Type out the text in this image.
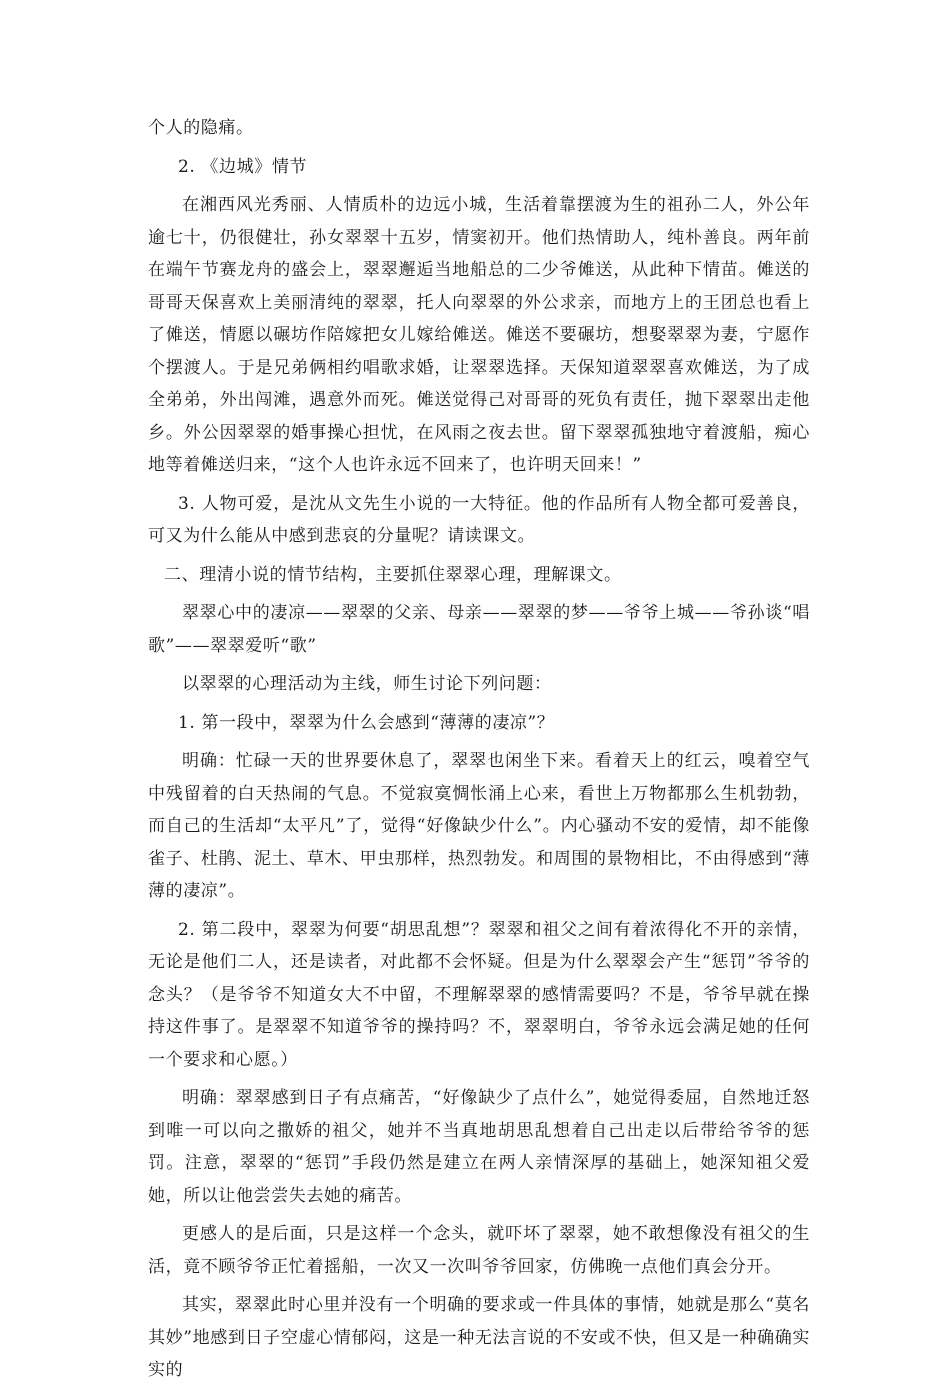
个人的隐痛。

2. 《边城》情节

在湘西风光秀丽、人情质朴的边远小城，生活着靠摆渡为生的祖孙二人，外公年逾七十，仍很健壮，孙女翠翠十五岁，情窦初开。他们热情助人，纯朴善良。两年前在端午节赛龙舟的盛会上，翠翠邂逅当地船总的二少爷傩送，从此种下情苗。傩送的哥哥天保喜欢上美丽清纯的翠翠，托人向翠翠的外公求亲，而地方上的王团总也看上了傩送，情愿以碾坊作陪嫁把女儿嫁给傩送。傩送不要碾坊，想娶翠翠为妻，宁愿作个摆渡人。于是兄弟俩相约唱歌求婚，让翠翠选择。天保知道翠翠喜欢傩送，为了成全弟弟，外出闯滩，遇意外而死。傩送觉得己对哥哥的死负有责任，抛下翠翠出走他乡。外公因翠翠的婚事操心担忧，在风雨之夜去世。留下翠翠孤独地守着渡船，痴心地等着傩送归来，“这个人也许永远不回来了，也许明天回来！”

3. 人物可爱，是沈从文先生小说的一大特征。他的作品所有人物全都可爱善良，可又为什么能从中感到悲哀的分量呢？请读课文。

二、理清小说的情节结构，主要抓住翠翠心理，理解课文。

翠翠心中的凄凉——翠翠的父亲、母亲——翠翠的梦——爷爷上城——爷孙谈“唱歌”——翠翠爱听“歌”

以翠翠的心理活动为主线，师生讨论下列问题：

1. 第一段中，翠翠为什么会感到“薄薄的凄凉”？

明确：忙碌一天的世界要休息了，翠翠也闲坐下来。看着天上的红云，嗅着空气中残留着的白天热闹的气息。不觉寂寞惆怅涌上心来，看世上万物都那么生机勃勃，而自己的生活却“太平凡”了，觉得“好像缺少什么”。内心骚动不安的爱情，却不能像雀子、杜鹃、泥土、草木、甲虫那样，热烈勃发。和周围的景物相比，不由得感到“薄薄的凄凉”。

2. 第二段中，翠翠为何要“胡思乱想”？翠翠和祖父之间有着浓得化不开的亲情，无论是他们二人，还是读者，对此都不会怀疑。但是为什么翠翠会产生“惩罚”爷爷的念头？（是爷爷不知道女大不中留，不理解翠翠的感情需要吗？不是，爷爷早就在操持这件事了。是翠翠不知道爷爷的操持吗？不，翠翠明白，爷爷永远会满足她的任何一个要求和心愿。）

明确：翠翠感到日子有点痛苦，“好像缺少了点什么”，她觉得委屈，自然地迁怒到唯一可以向之撒娇的祖父，她并不当真地胡思乱想着自己出走以后带给爷爷的惩罚。注意，翠翠的“惩罚”手段仍然是建立在两人亲情深厚的基础上，她深知祖父爱她，所以让他尝尝失去她的痛苦。

更感人的是后面，只是这样一个念头，就吓坏了翠翠，她不敢想像没有祖父的生活，竟不顾爷爷正忙着摇船，一次又一次叫爷爷回家，仿佛晚一点他们真会分开。

其实，翠翠此时心里并没有一个明确的要求或一件具体的事情，她就是那么“莫名其妙”地感到日子空虚心情郁闷，这是一种无法言说的不安或不快，但又是一种确确实实的
